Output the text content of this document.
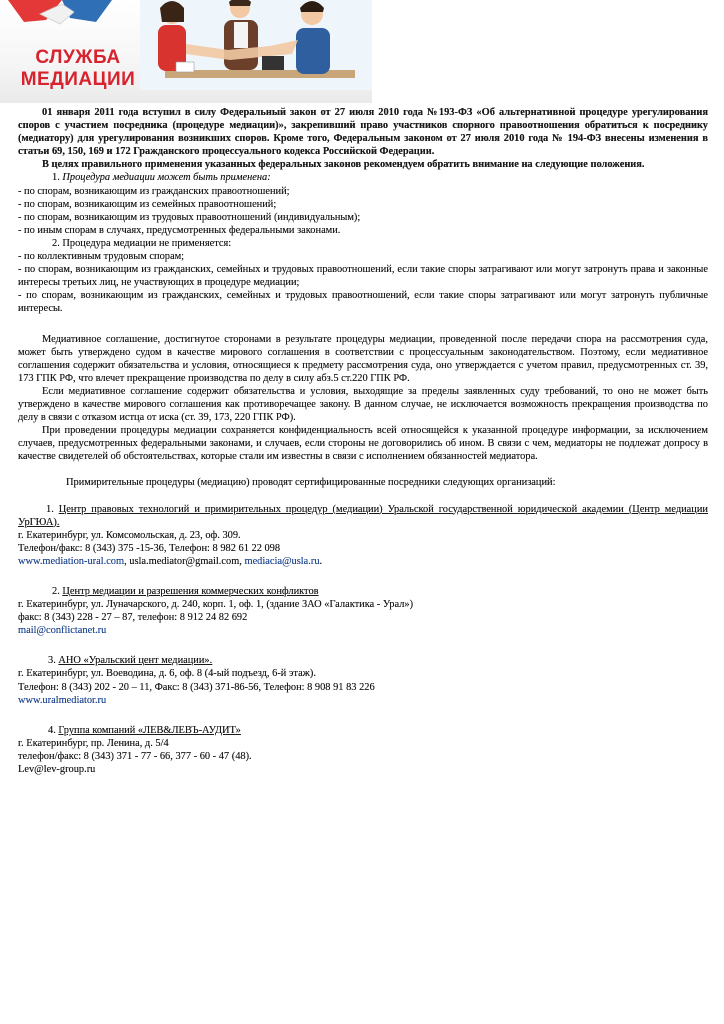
СЛУЖБА
МЕДИАЦИИ

01 января 2011 года вступил в силу Федеральный закон от 27 июля 2010 года №193-ФЗ «Об альтернативной процедуре урегулирования споров с участием посредника (процедуре медиации)», закрепивший право участников спорного правоотношения обратиться к посреднику (медиатору) для урегулирования возникших споров. Кроме того, Федеральным законом от 27 июля 2010 года № 194-ФЗ внесены изменения в статьи 69, 150, 169 и 172 Гражданского процессуального кодекса Российской Федерации.

В целях правильного применения указанных федеральных законов рекомендуем обратить внимание на следующие положения.

1. Процедура медиации может быть применена:

- по спорам, возникающим из гражданских правоотношений;

- по спорам, возникающим из семейных правоотношений;

- по спорам, возникающим из трудовых правоотношений (индивидуальным);

- по иным спорам в случаях, предусмотренных федеральными законами.

2. Процедура медиации не применяется:

- по коллективным трудовым спорам;

- по спорам, возникающим из гражданских, семейных и трудовых правоотношений, если такие споры затрагивают или могут затронуть права и законные интересы третьих лиц, не участвующих в процедуре медиации;

- по спорам, возникающим из гражданских, семейных и трудовых правоотношений, если такие споры затрагивают или могут затронуть публичные интересы.

Медиативное соглашение, достигнутое сторонами в результате процедуры медиации, проведенной после передачи спора на рассмотрения суда, может быть утверждено судом в качестве мирового соглашения в соответствии с процессуальным законодательством. Поэтому, если медиативное соглашения содержит обязательства и условия, относящиеся к предмету рассмотрения суда, оно утверждается с учетом правил, предусмотренных ст. 39, 173 ГПК РФ, что влечет прекращение производства по делу в силу абз.5 ст.220 ГПК РФ.

Если медиативное соглашение содержит обязательства и условия, выходящие за пределы заявленных суду требований, то оно не может быть утверждено в качестве мирового соглашения как противоречащее закону. В данном случае, не исключается возможность прекращения производства по делу в связи с отказом истца от иска (ст. 39, 173, 220 ГПК РФ).

При проведении процедуры медиации сохраняется конфиденциальность всей относящейся к указанной процедуре информации, за исключением случаев, предусмотренных федеральными законами, и случаев, если стороны не договорились об ином. В связи с чем, медиаторы не подлежат допросу в качестве свидетелей об обстоятельствах, которые стали им известны в связи с исполнением обязанностей медиатора.

Примирительные процедуры (медиацию) проводят сертифицированные посредники следующих организаций:

1. Центр правовых технологий и примирительных процедур (медиации) Уральской государственной юридической академии (Центр медиации УрГЮА).

г. Екатеринбург, ул. Комсомольская, д. 23, оф. 309.

Телефон/факс: 8 (343) 375 -15-36, Телефон: 8 982 61 22 098

www.mediation-ural.com, usla.mediator@gmail.com, mediacia@usla.ru.

2. Центр медиации и разрешения коммерческих конфликтов

г. Екатеринбург, ул. Луначарского, д. 240, корп. 1, оф. 1, (здание ЗАО «Галактика - Урал»)

факс: 8 (343) 228 - 27 – 87, телефон: 8 912 24 82 692

mail@conflictanet.ru

3. АНО «Уральский цент медиации».

г. Екатеринбург, ул. Воеводина, д. 6, оф. 8 (4-ый подъезд, 6-й этаж).

Телефон: 8 (343) 202 - 20 – 11, Факс: 8 (343) 371-86-56, Телефон: 8 908 91 83 226

www.uralmediator.ru

4. Группа компаний «ЛЕВ&ЛЕВЪ-АУДИТ»

г. Екатеринбург, пр. Ленина, д. 5/4

телефон/факс: 8 (343) 371 - 77 - 66, 377 - 60 - 47 (48).

Lev@lev-group.ru
